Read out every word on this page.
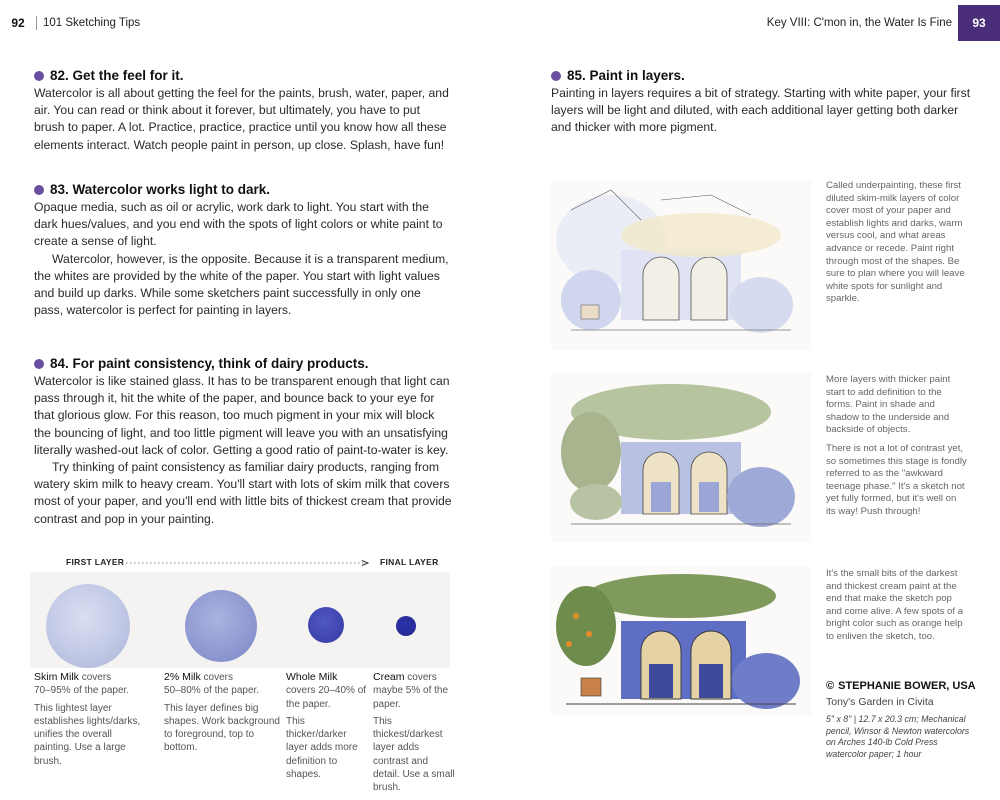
92	101 Sketching Tips	Key VIII: C'mon in, the Water Is Fine	93
82. Get the feel for it.

Watercolor is all about getting the feel for the paints, brush, water, paper, and air. You can read or think about it forever, but ultimately, you have to put brush to paper. A lot. Practice, practice, practice until you know how all these elements interact. Watch people paint in person, up close. Splash, have fun!

83. Watercolor works light to dark.

Opaque media, such as oil or acrylic, work dark to light. You start with the dark hues/values, and you end with the spots of light colors or white paint to create a sense of light.

Watercolor, however, is the opposite. Because it is a transparent medium, the whites are provided by the white of the paper. You start with light values and build up darks. While some sketchers paint successfully in only one pass, watercolor is perfect for painting in layers.

84. For paint consistency, think of dairy products.

Watercolor is like stained glass. It has to be transparent enough that light can pass through it, hit the white of the paper, and bounce back to your eye for that glorious glow. For this reason, too much pigment in your mix will block the bouncing of light, and too little pigment will leave you with an unsatisfying literally washed-out lack of color. Getting a good ratio of paint-to-water is key.

Try thinking of paint consistency as familiar dairy products, ranging from watery skim milk to heavy cream. You'll start with lots of skim milk that covers most of your paper, and you'll end with little bits of thickest cream that provide contrast and pop in your painting.

FIRST LAYER	FINAL LAYER
Skim Milk covers
70–95% of the paper.
This lightest layer establishes lights/darks, unifies the overall painting. Use a large brush.
2% Milk covers
50–80% of the paper.
This layer defines big shapes. Work background to foreground, top to bottom.
Whole Milk
covers 20–40% of the paper.
This thicker/darker layer adds more definition to shapes.
Cream covers
maybe 5% of the paper.
This thickest/darkest layer adds contrast and detail. Use a small brush.
85. Paint in layers.

Painting in layers requires a bit of strategy. Starting with white paper, your first layers will be light and diluted, with each additional layer getting both darker and thicker with more pigment.

Called underpainting, these first diluted skim-milk layers of color cover most of your paper and establish lights and darks, warm versus cool, and what areas advance or recede. Paint right through most of the shapes. Be sure to plan where you will leave white spots for sunlight and sparkle.

More layers with thicker paint start to add definition to the forms. Paint in shade and shadow to the underside and backside of objects.

There is not a lot of contrast yet, so sometimes this stage is fondly referred to as the "awkward teenage phase." It's a sketch not yet fully formed, but it's well on its way! Push through!

It's the small bits of the darkest and thickest cream paint at the end that make the sketch pop and come alive. A few spots of a bright color such as orange help to enliven the sketch, too.

© STEPHANIE BOWER, USA
Tony's Garden in Civita
5" x 8" | 12.7 x 20.3 cm; Mechanical pencil, Winsor & Newton watercolors on Arches 140-lb Cold Press watercolor paper; 1 hour
